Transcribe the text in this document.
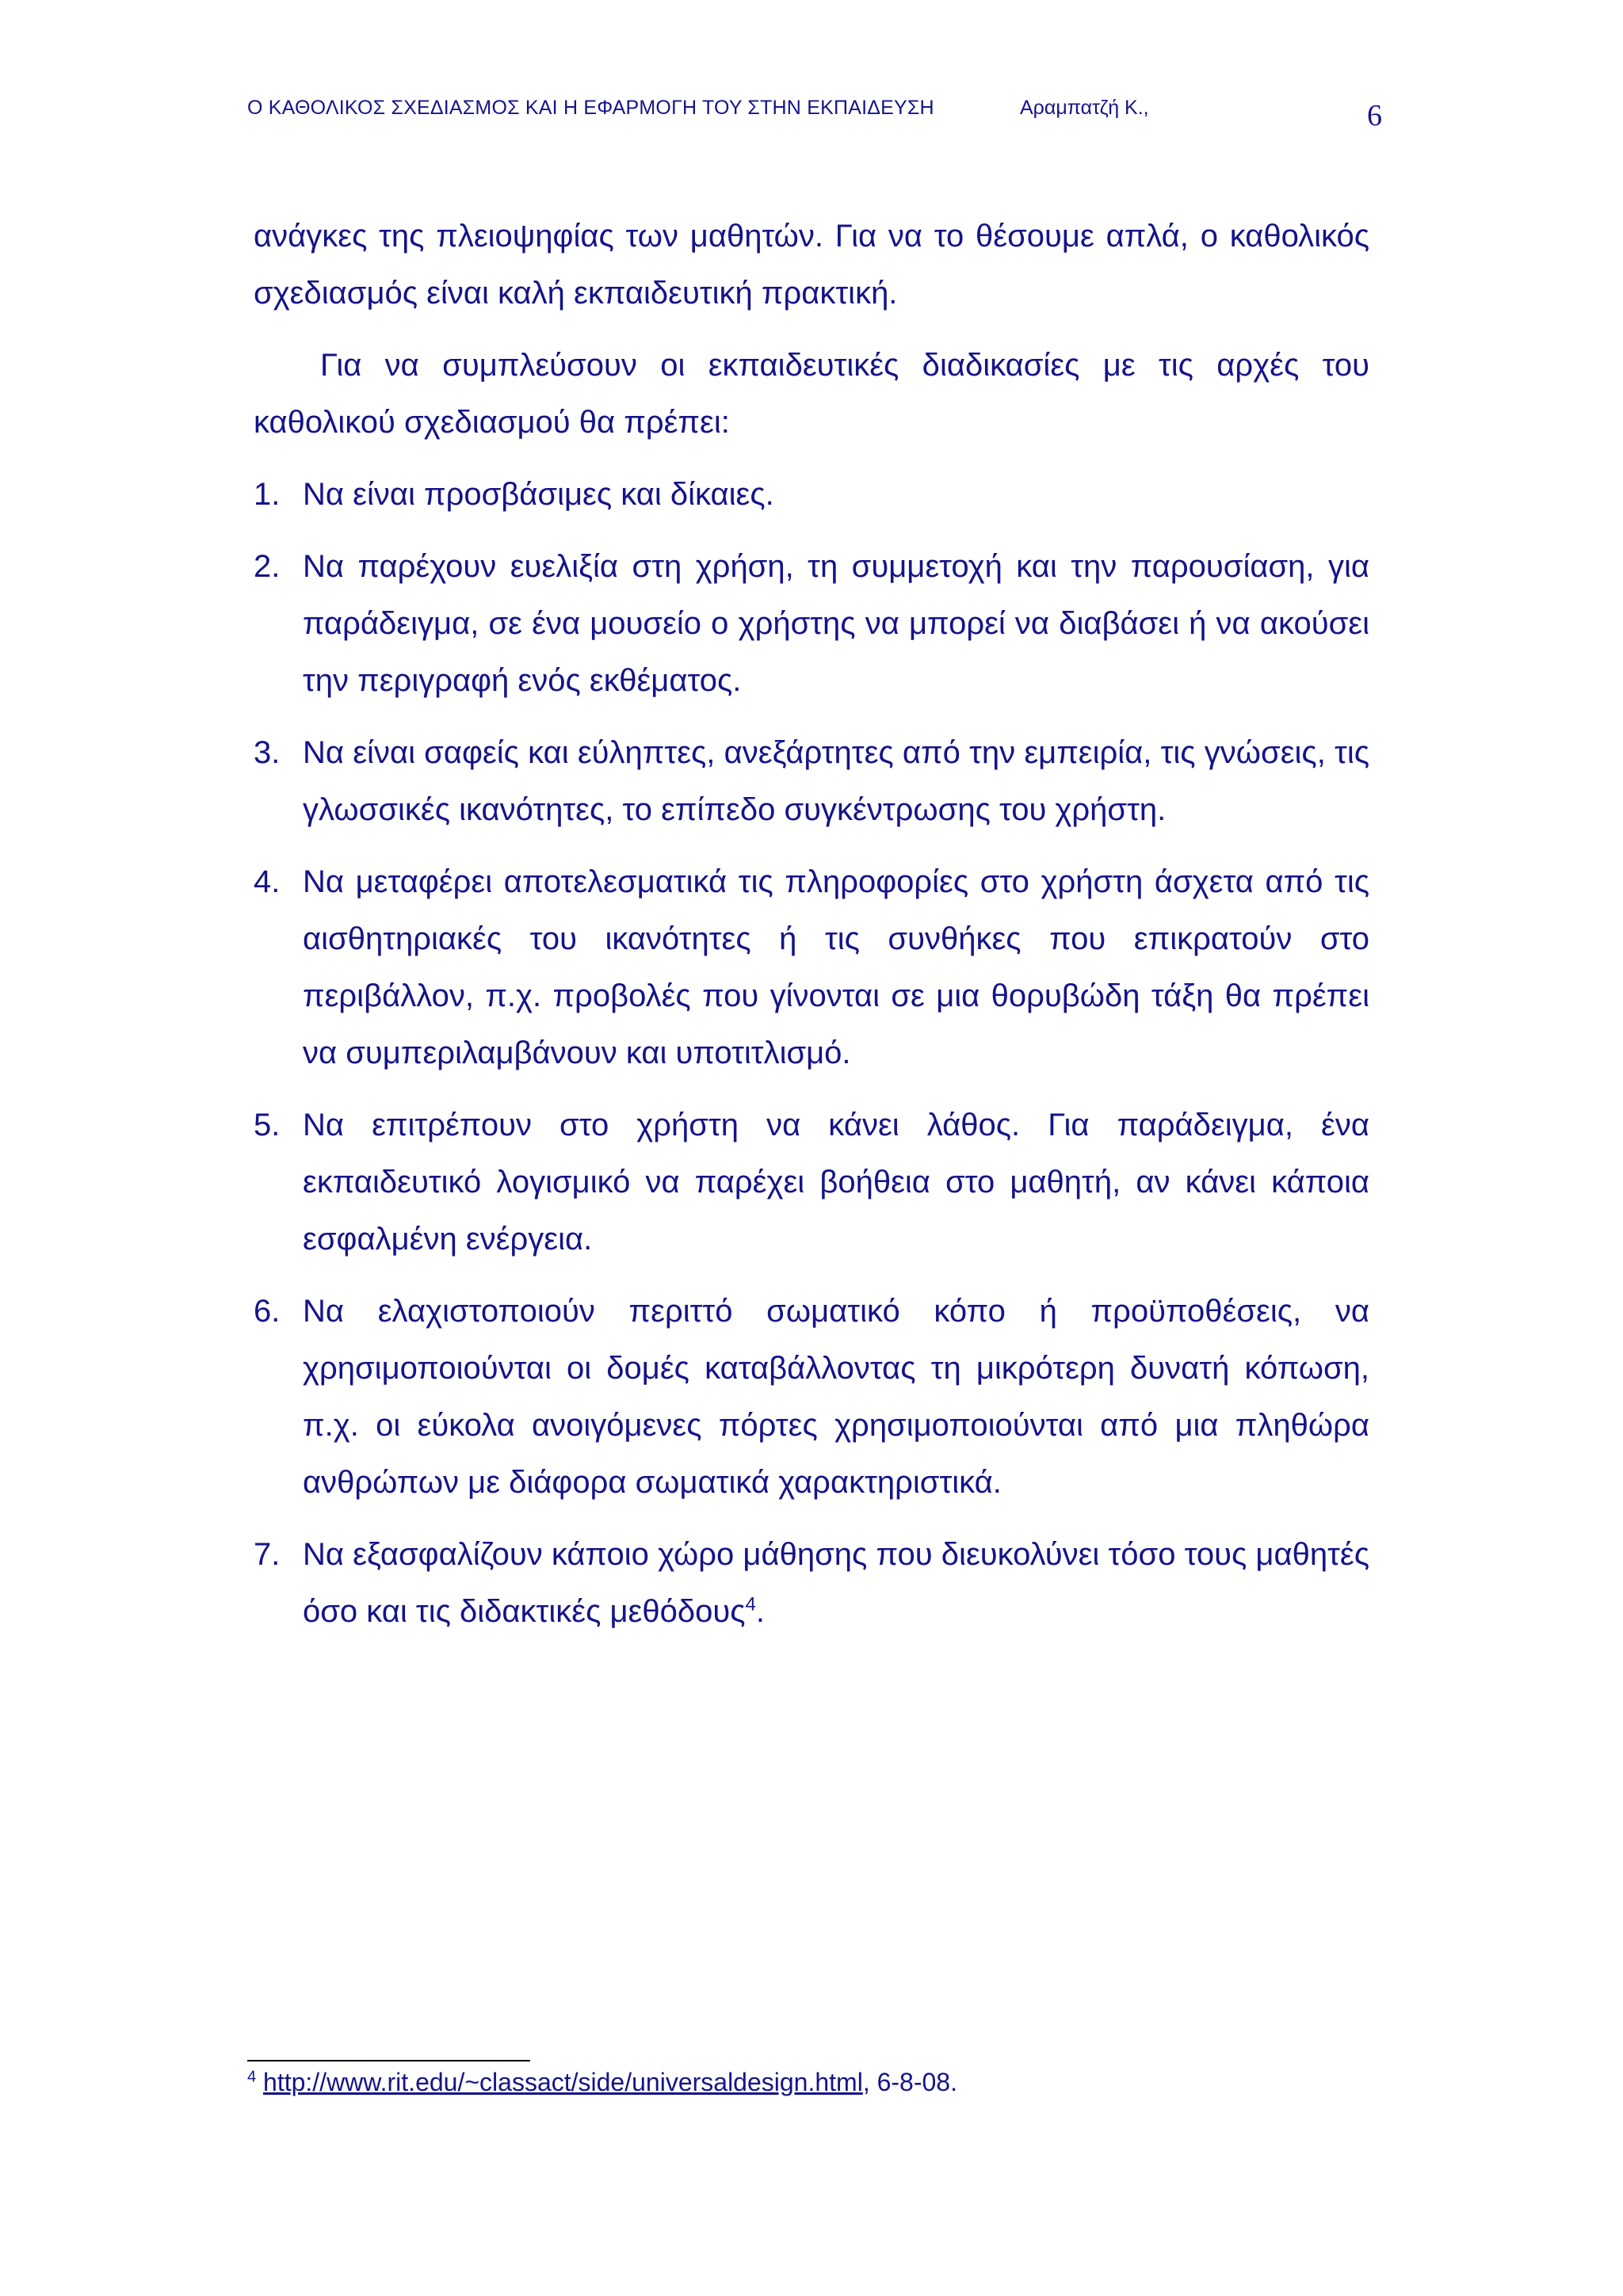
Ο ΚΑΘΟΛΙΚΟΣ ΣΧΕΔΙΑΣΜΟΣ ΚΑΙ Η ΕΦΑΡΜΟΓΗ ΤΟΥ ΣΤΗΝ ΕΚΠΑΙΔΕΥΣΗ	Αραμπατζή Κ.,	6

ανάγκες της πλειοψηφίας των μαθητών. Για να το θέσουμε απλά, ο καθολικός σχεδιασμός είναι καλή εκπαιδευτική πρακτική.

Για να συμπλεύσουν οι εκπαιδευτικές διαδικασίες με τις αρχές του καθολικού σχεδιασμού θα πρέπει:

1. Να είναι προσβάσιμες και δίκαιες.
2. Να παρέχουν ευελιξία στη χρήση, τη συμμετοχή και την παρουσίαση, για παράδειγμα, σε ένα μουσείο ο χρήστης να μπορεί να διαβάσει ή να ακούσει την περιγραφή ενός εκθέματος.
3. Να είναι σαφείς και εύληπτες, ανεξάρτητες από την εμπειρία, τις γνώσεις, τις γλωσσικές ικανότητες, το επίπεδο συγκέντρωσης του χρήστη.
4. Να μεταφέρει αποτελεσματικά τις πληροφορίες στο χρήστη άσχετα από τις αισθητηριακές του ικανότητες ή τις συνθήκες που επικρατούν στο περιβάλλον, π.χ. προβολές που γίνονται σε μια θορυβώδη τάξη θα πρέπει να συμπεριλαμβάνουν και υποτιτλισμό.
5. Να επιτρέπουν στο χρήστη να κάνει λάθος. Για παράδειγμα, ένα εκπαιδευτικό λογισμικό να παρέχει βοήθεια στο μαθητή, αν κάνει κάποια εσφαλμένη ενέργεια.
6. Να ελαχιστοποιούν περιττό σωματικό κόπο ή προϋποθέσεις, να χρησιμοποιούνται οι δομές καταβάλλοντας τη μικρότερη δυνατή κόπωση, π.χ. οι εύκολα ανοιγόμενες πόρτες χρησιμοποιούνται από μια πληθώρα ανθρώπων με διάφορα σωματικά χαρακτηριστικά.
7. Να εξασφαλίζουν κάποιο χώρο μάθησης που διευκολύνει τόσο τους μαθητές όσο και τις διδακτικές μεθόδους$^4$.
$^4$ http://www.rit.edu/~classact/side/universaldesign.html, 6-8-08.
